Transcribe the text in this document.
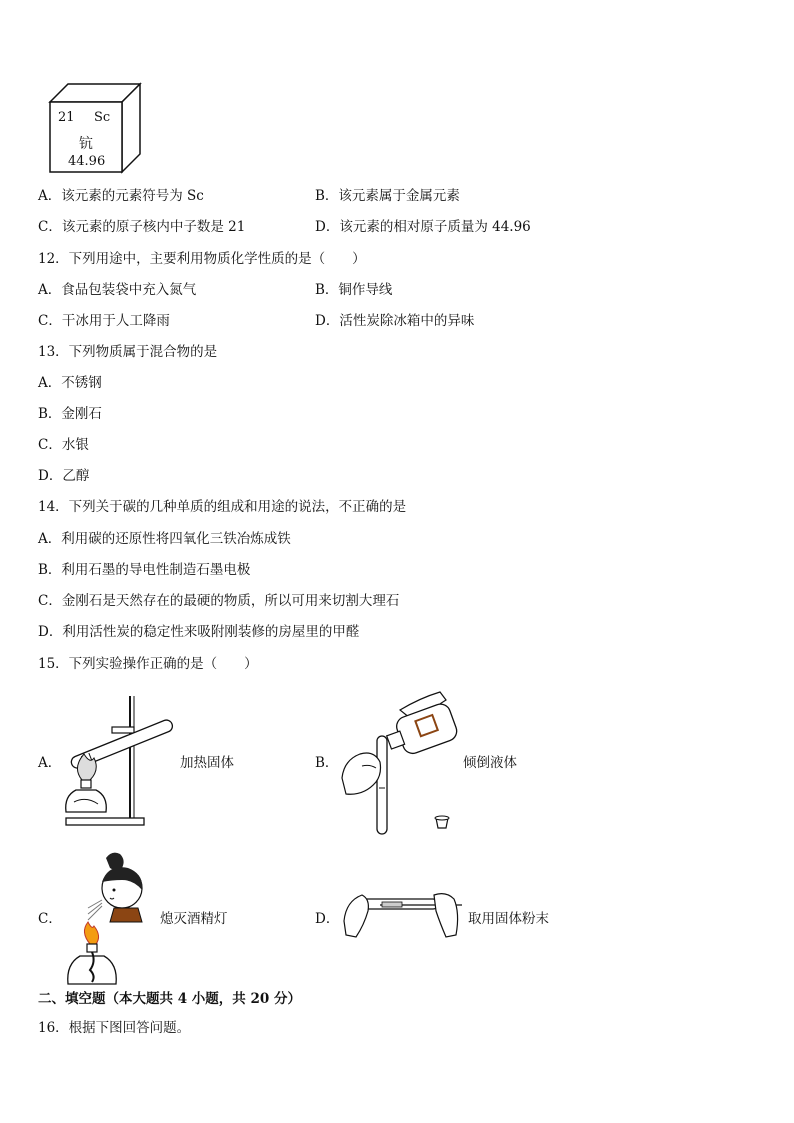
21 Sc
钪
44.96
A．该元素的元素符号为 Sc	B．该元素属于金属元素
C．该元素的原子核内中子数是 21	D．该元素的相对原子质量为 44.96
12．下列用途中，主要利用物质化学性质的是（　　）
A．食品包装袋中充入氮气	B．铜作导线
C．干冰用于人工降雨	D．活性炭除冰箱中的异味
13．下列物质属于混合物的是
A．不锈钢
B．金刚石
C．水银
D．乙醇
14．下列关于碳的几种单质的组成和用途的说法，不正确的是
A．利用碳的还原性将四氧化三铁冶炼成铁
B．利用石墨的导电性制造石墨电极
C．金刚石是天然存在的最硬的物质，所以可用来切割大理石
D．利用活性炭的稳定性来吸附刚装修的房屋里的甲醛
15．下列实验操作正确的是（　　）
A．	加热固体	B．	倾倒液体
C．	熄灭酒精灯	D．	取用固体粉末
二、填空题（本大题共 4 小题，共 20 分）
16．根据下图回答问题。
